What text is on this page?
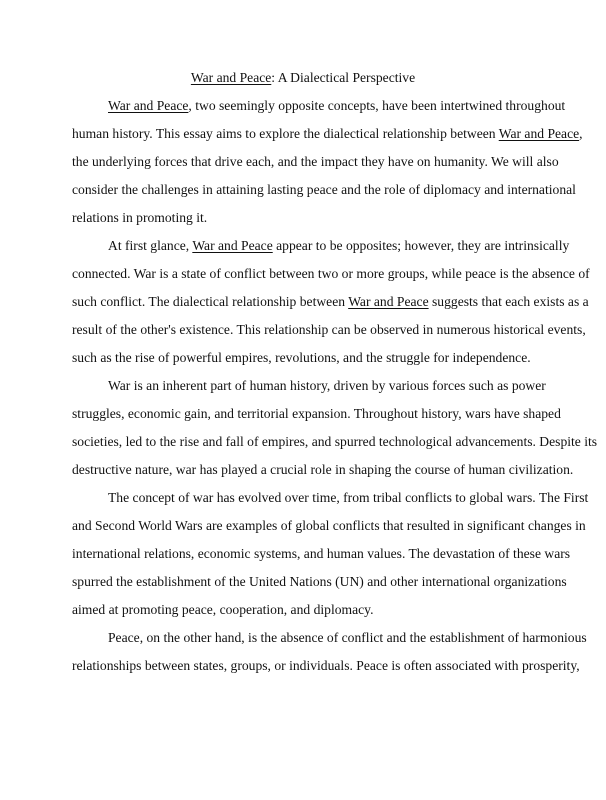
War and Peace: A Dialectical Perspective

War and Peace, two seemingly opposite concepts, have been intertwined throughout
human history. This essay aims to explore the dialectical relationship between War and Peace,
the underlying forces that drive each, and the impact they have on humanity. We will also
consider the challenges in attaining lasting peace and the role of diplomacy and international
relations in promoting it.
At first glance, War and Peace appear to be opposites; however, they are intrinsically
connected. War is a state of conflict between two or more groups, while peace is the absence of
such conflict. The dialectical relationship between War and Peace suggests that each exists as a
result of the other's existence. This relationship can be observed in numerous historical events,
such as the rise of powerful empires, revolutions, and the struggle for independence.
War is an inherent part of human history, driven by various forces such as power
struggles, economic gain, and territorial expansion. Throughout history, wars have shaped
societies, led to the rise and fall of empires, and spurred technological advancements. Despite its
destructive nature, war has played a crucial role in shaping the course of human civilization.
The concept of war has evolved over time, from tribal conflicts to global wars. The First
and Second World Wars are examples of global conflicts that resulted in significant changes in
international relations, economic systems, and human values. The devastation of these wars
spurred the establishment of the United Nations (UN) and other international organizations
aimed at promoting peace, cooperation, and diplomacy.
Peace, on the other hand, is the absence of conflict and the establishment of harmonious
relationships between states, groups, or individuals. Peace is often associated with prosperity,
